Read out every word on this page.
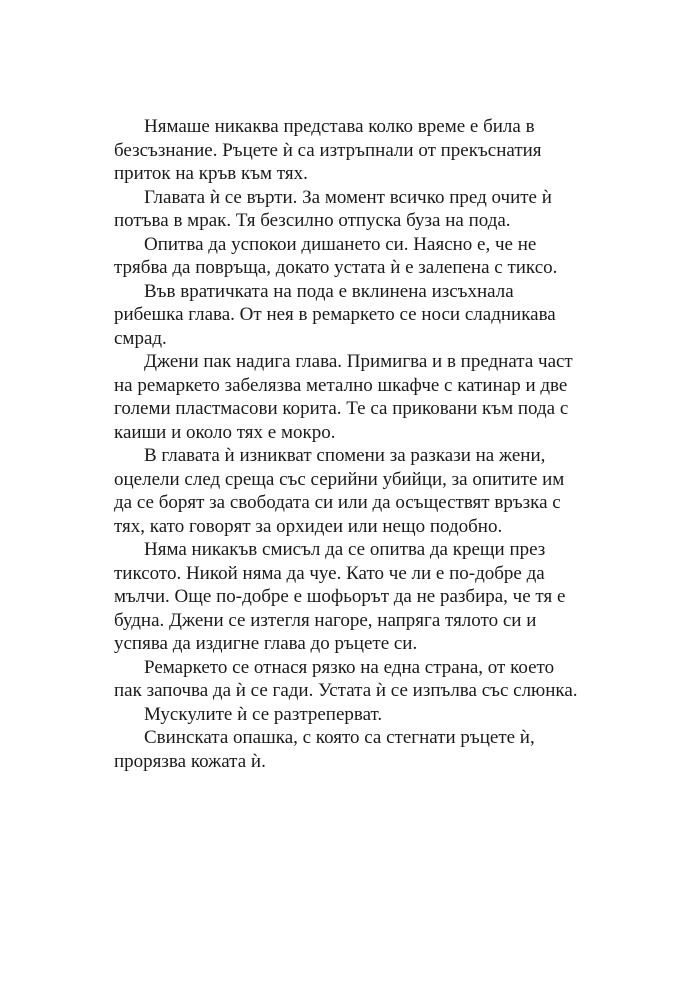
Нямаше никаква представа колко време е била в безсъзнание. Ръцете ѝ са изтръпнали от прекъснатия приток на кръв към тях.

Главата ѝ се върти. За момент всичко пред очите ѝ потъва в мрак. Тя безсилно отпуска буза на пода.

Опитва да успокои дишането си. Наясно е, че не трябва да повръща, докато устата ѝ е залепена с тиксо.

Във вратичката на пода е вклинена изсъхнала рибешка глава. От нея в ремаркето се носи сладникава смрад.

Джени пак надига глава. Примигва и в предната част на ремаркето забелязва метално шкафче с катинар и две големи пластмасови корита. Те са приковани към пода с каиши и около тях е мокро.

В главата ѝ изникват спомени за разкази на жени, оцелели след среща със серийни убийци, за опитите им да се борят за свободата си или да осъществят връзка с тях, като говорят за орхидеи или нещо подобно.

Няма никакъв смисъл да се опитва да крещи през тиксото. Никой няма да чуе. Като че ли е по-добре да мълчи. Още по-добре е шофьорът да не разбира, че тя е будна. Джени се изтегля нагоре, напряга тялото си и успява да издигне глава до ръцете си.

Ремаркето се отнася рязко на една страна, от което пак започва да ѝ се гади. Устата ѝ се изпълва със слюнка.

Мускулите ѝ се разтреперват.

Свинската опашка, с която са стегнати ръцете ѝ, прорязва кожата ѝ.
